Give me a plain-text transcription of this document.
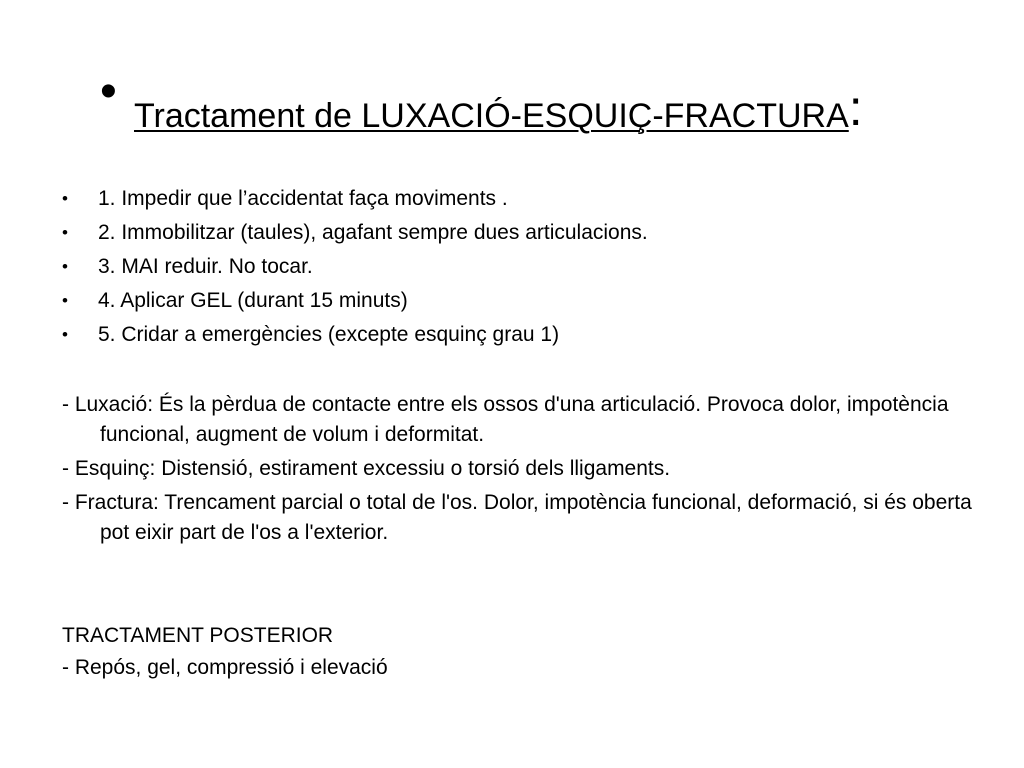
• Tractament de LUXACIÓ-ESQUIÇ-FRACTURA:
• 1. Impedir que l’accidentat faça moviments .
• 2. Immobilitzar (taules), agafant sempre dues articulacions.
• 3. MAI reduir. No tocar.
• 4. Aplicar GEL (durant 15 minuts)
• 5. Cridar a emergències (excepte esquinç grau 1)
- Luxació: És la pèrdua de contacte entre els ossos d'una articulació. Provoca dolor, impotència funcional, augment de volum i deformitat.
- Esquinç: Distensió, estirament excessiu o torsió dels lligaments.
- Fractura: Trencament parcial o total de l'os. Dolor, impotència funcional, deformació, si és oberta pot eixir part de l'os a l'exterior.
TRACTAMENT POSTERIOR
- Repós, gel, compressió i elevació
